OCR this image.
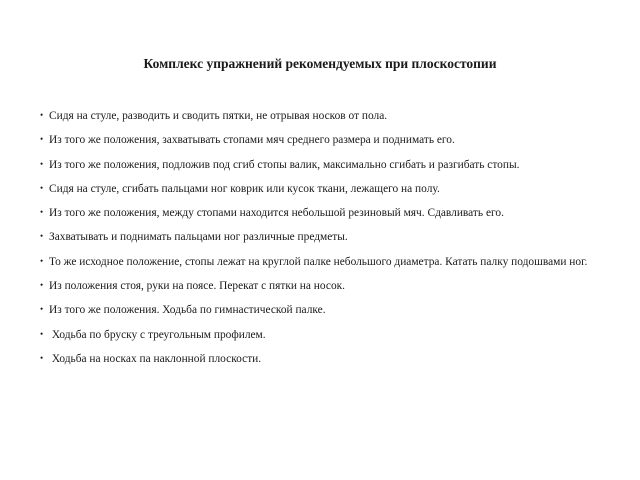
Комплекс упражнений рекомендуемых при плоскостопии
• Сидя на стуле, разводить и сводить пятки, не отрывая носков от пола.
• Из того же положения, захватывать стопами мяч среднего размера и поднимать его.
• Из того же положения, подложив под сгиб стопы валик, максимально сгибать и разгибать стопы.
• Сидя на стуле, сгибать пальцами ног коврик или кусок ткани, лежащего на полу.
• Из того же положения, между стопами находится небольшой резиновый мяч. Сдавливать его.
• Захватывать и поднимать пальцами ног различные предметы.
• То же исходное положение, стопы лежат на круглой палке небольшого диаметра. Катать палку подошвами ног.
• Из положения стоя, руки на поясе. Перекат с пятки на носок.
• Из того же положения. Ходьба по гимнастической палке.
• Ходьба по бруску с треугольным профилем.
• Ходьба на носках па наклонной плоскости.
